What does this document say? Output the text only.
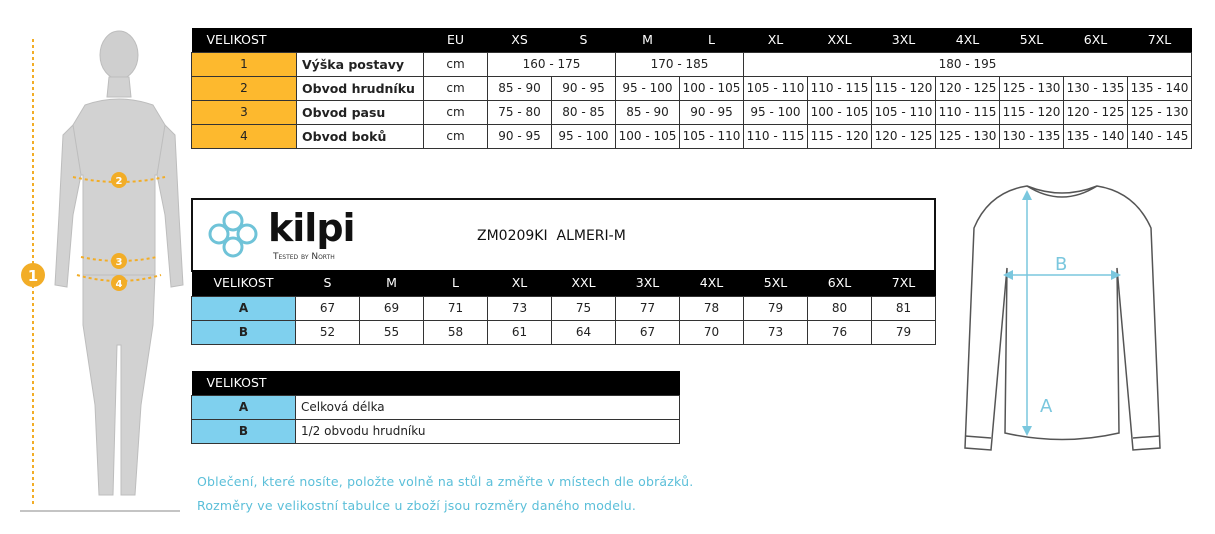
1
2
3
4
VELIKOST		EU	XS	S	M	L	XL	XXL	3XL	4XL	5XL	6XL	7XL
1	Výška postavy	cm	160 - 175		170 - 185		180 - 195						
2	Obvod hrudníku	cm	85 - 90	90 - 95	95 - 100	100 - 105	105 - 110	110 - 115	115 - 120	120 - 125	125 - 130	130 - 135	135 - 140
3	Obvod pasu	cm	75 - 80	80 - 85	85 - 90	90 - 95	95 - 100	100 - 105	105 - 110	110 - 115	115 - 120	120 - 125	125 - 130
4	Obvod boků	cm	90 - 95	95 - 100	100 - 105	105 - 110	110 - 115	115 - 120	120 - 125	125 - 130	130 - 135	135 - 140	140 - 145
kilpi
Tested by North
ZM0209KI  ALMERI-M
VELIKOST	S	M	L	XL	XXL	3XL	4XL	5XL	6XL	7XL
A	67	69	71	73	75	77	78	79	80	81
B	52	55	58	61	64	67	70	73	76	79
VELIKOST	
A	Celková délka
B	1/2 obvodu hrudníku
Oblečení, které nosíte, položte volně na stůl a změřte v místech dle obrázků.
Rozměry ve velikostní tabulce u zboží jsou rozměry daného modelu.
A
B
